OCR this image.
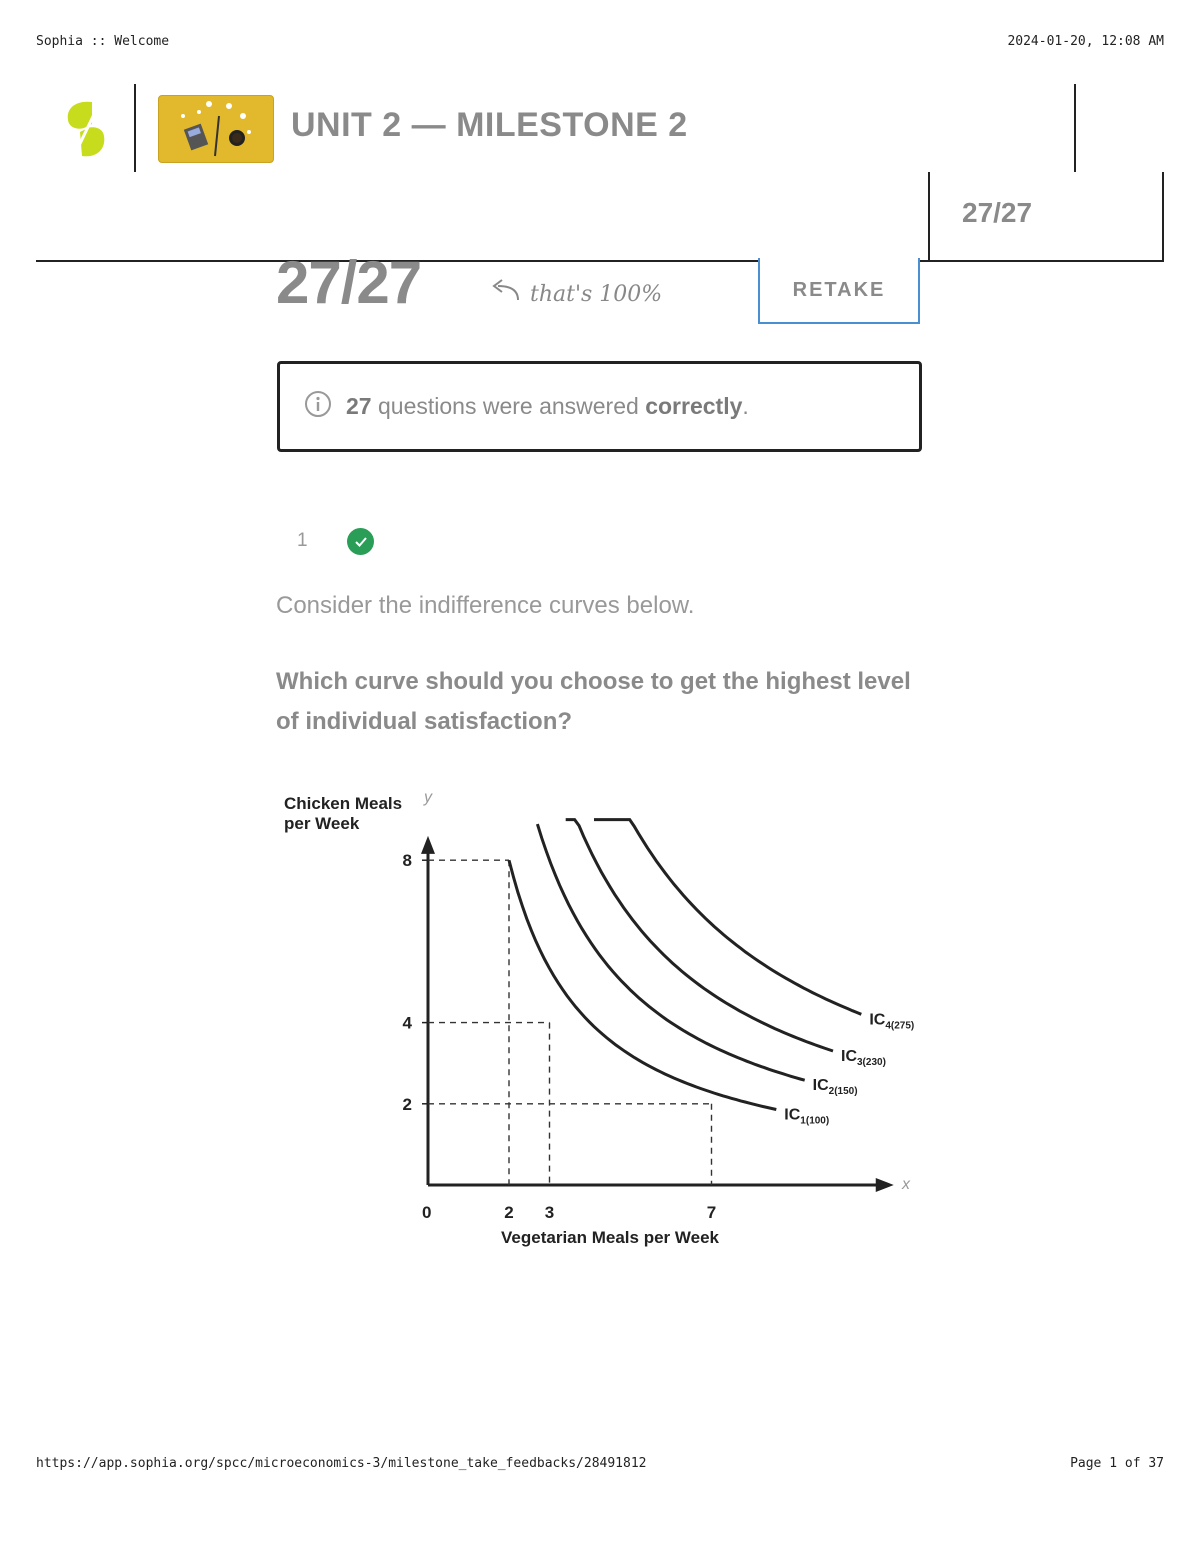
Sophia :: Welcome	2024-01-20, 12:08 AM
https://app.sophia.org/spcc/microeconomics-3/milestone_take_feedbacks/28491812	Page 1 of 37
UNIT 2 — MILESTONE 2
27/27
27/27	that's 100%	RETAKE
27 questions were answered correctly.
1
Consider the indifference curves below.
Which curve should you choose to get the highest level of individual satisfaction?
Chicken Meals
per Week
y
x
0
Vegetarian Meals per Week
2 3	7
2
4
8
$IC_{1(100)}$
$IC_{2(150)}$
$IC_{3(230)}$
$IC_{4(275)}$
